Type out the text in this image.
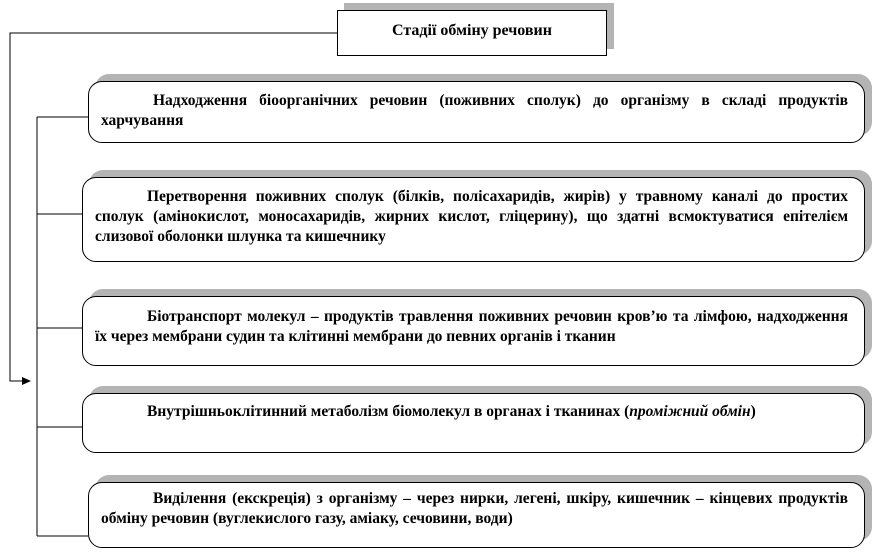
Стадії обміну речовин

Надходження біоорганічних речовин (поживних сполук) до організму в складі продуктів харчування

Перетворення поживних сполук (білків, полісахаридів, жирів) у травному каналі до простих сполук (амінокислот, моносахаридів, жирних кислот, гліцерину), що здатні всмоктуватися епітелієм слизової оболонки шлунка та кишечнику

Біотранспорт молекул – продуктів травлення поживних речовин кров’ю та лімфою, надходження їх через мембрани судин та клітинні мембрани до певних органів і тканин

Внутрішньоклітинний метаболізм біомолекул в органах і тканинах (проміжний обмін)

Виділення (екскреція) з організму – через нирки, легені, шкіру, кишечник – кінцевих продуктів обміну речовин (вуглекислого газу, аміаку, сечовини, води)
